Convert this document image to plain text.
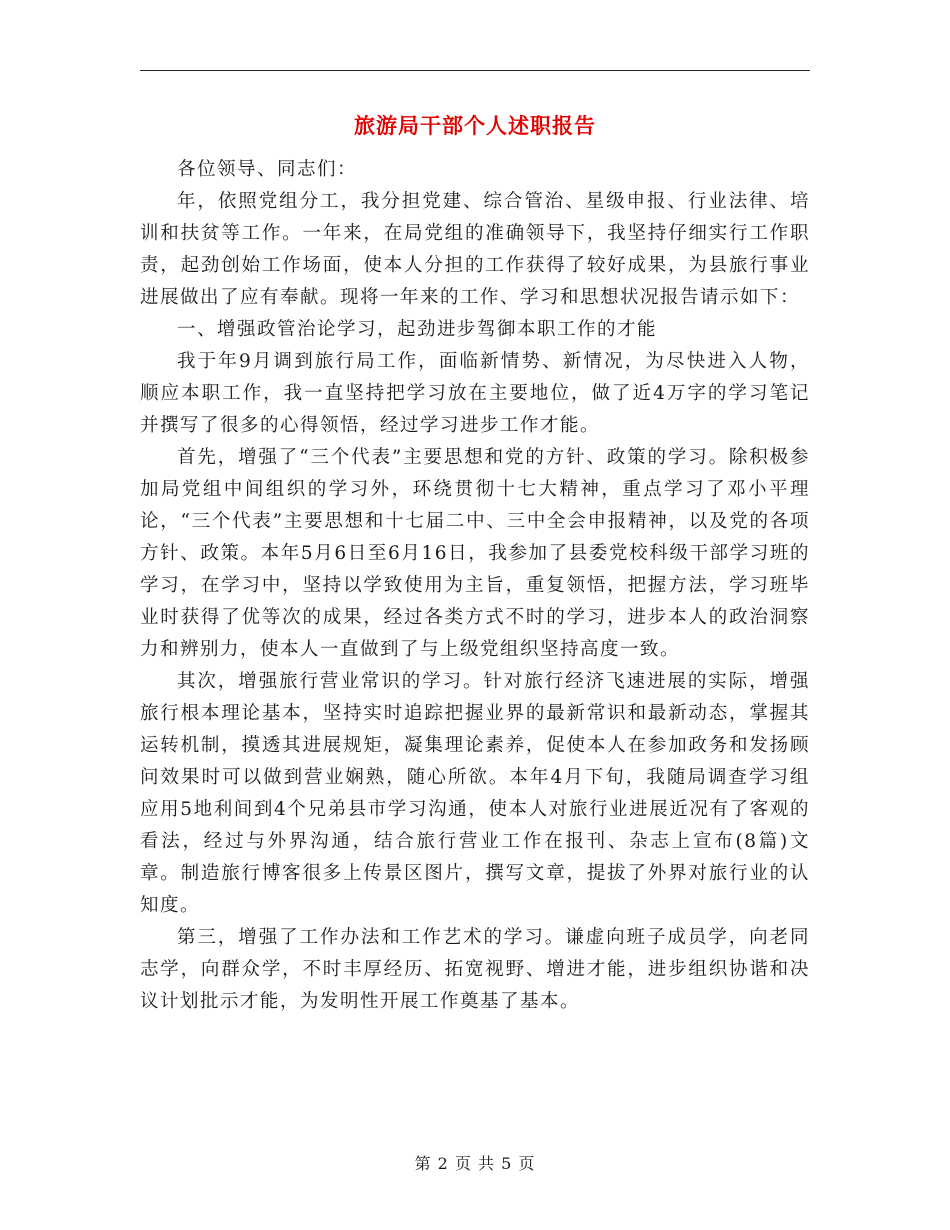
旅游局干部个人述职报告

各位领导、同志们：

年，依照党组分工，我分担党建、综合管治、星级申报、行业法律、培训和扶贫等工作。一年来，在局党组的准确领导下，我坚持仔细实行工作职责，起劲创始工作场面，使本人分担的工作获得了较好成果，为县旅行事业进展做出了应有奉献。现将一年来的工作、学习和思想状况报告请示如下：

一、增强政管治论学习，起劲进步驾御本职工作的才能

我于年9月调到旅行局工作，面临新情势、新情况，为尽快进入人物，顺应本职工作，我一直坚持把学习放在主要地位，做了近4万字的学习笔记并撰写了很多的心得领悟，经过学习进步工作才能。

首先，增强了“三个代表”主要思想和党的方针、政策的学习。除积极参加局党组中间组织的学习外，环绕贯彻十七大精神，重点学习了邓小平理论，“三个代表”主要思想和十七届二中、三中全会申报精神，以及党的各项方针、政策。本年5月6日至6月16日，我参加了县委党校科级干部学习班的学习，在学习中，坚持以学致使用为主旨，重复领悟，把握方法，学习班毕业时获得了优等次的成果，经过各类方式不时的学习，进步本人的政治洞察力和辨别力，使本人一直做到了与上级党组织坚持高度一致。

其次，增强旅行营业常识的学习。针对旅行经济飞速进展的实际，增强旅行根本理论基本，坚持实时追踪把握业界的最新常识和最新动态，掌握其运转机制，摸透其进展规矩，凝集理论素养，促使本人在参加政务和发扬顾问效果时可以做到营业娴熟，随心所欲。本年4月下旬，我随局调查学习组应用5地利间到4个兄弟县市学习沟通，使本人对旅行业进展近况有了客观的看法，经过与外界沟通，结合旅行营业工作在报刊、杂志上宣布(8篇)文章。制造旅行博客很多上传景区图片，撰写文章，提拔了外界对旅行业的认知度。

第三，增强了工作办法和工作艺术的学习。谦虚向班子成员学，向老同志学，向群众学，不时丰厚经历、拓宽视野、增进才能，进步组织协谐和决议计划批示才能，为发明性开展工作奠基了基本。

第 2 页 共 5 页
